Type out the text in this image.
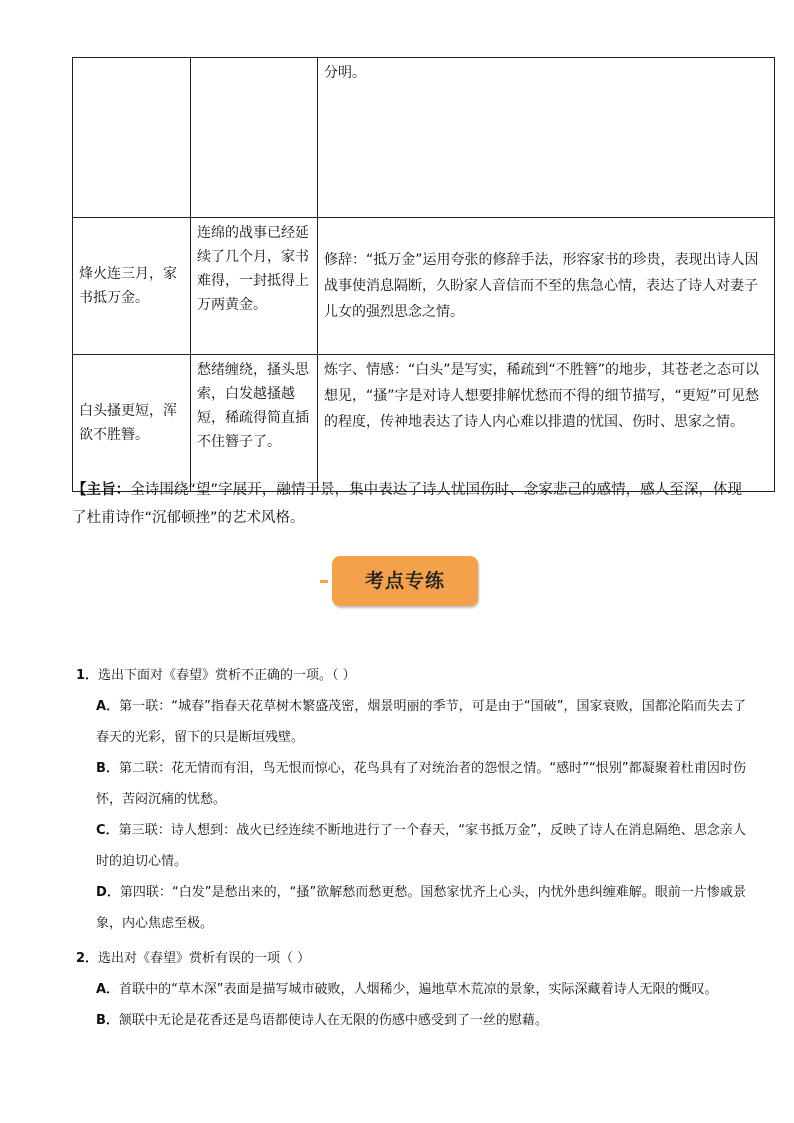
		分明。
烽火连三月，家书抵万金。	连绵的战事已经延续了几个月，家书难得，一封抵得上万两黄金。	修辞：“抵万金”运用夸张的修辞手法，形容家书的珍贵，表现出诗人因战事使消息隔断，久盼家人音信而不至的焦急心情，表达了诗人对妻子儿女的强烈思念之情。
白头搔更短，浑欲不胜簪。	愁绪缠绕，搔头思索，白发越搔越短，稀疏得简直插不住簪子了。	炼字、情感：“白头”是写实，稀疏到“不胜簪”的地步，其苍老之态可以想见，“搔”字是对诗人想要排解忧愁而不得的细节描写，“更短”可见愁的程度，传神地表达了诗人内心难以排遣的忧国、伤时、思家之情。
【主旨：全诗围绕“望”字展开，融情于景，集中表达了诗人忧国伤时、念家悲己的感情，感人至深，体现了杜甫诗作“沉郁顿挫”的艺术风格。
考点专练
1．选出下面对《春望》赏析不正确的一项。（ ）
A．第一联：“城春”指春天花草树木繁盛茂密，烟景明丽的季节，可是由于“国破”，国家衰败，国都沦陷而失去了春天的光彩，留下的只是断垣残壁。
B．第二联：花无情而有泪，鸟无恨而惊心，花鸟具有了对统治者的怨恨之情。“感时”“恨别”都凝聚着杜甫因时伤怀，苦闷沉痛的忧愁。
C．第三联：诗人想到：战火已经连续不断地进行了一个春天，“家书抵万金”，反映了诗人在消息隔绝、思念亲人时的迫切心情。
D．第四联：“白发”是愁出来的，“搔”欲解愁而愁更愁。国愁家忧齐上心头，内忧外患纠缠难解。眼前一片惨戚景象，内心焦虑至极。
2．选出对《春望》赏析有误的一项（ ）
A．首联中的“草木深”表面是描写城市破败，人烟稀少，遍地草木荒凉的景象，实际深藏着诗人无限的慨叹。
B．颔联中无论是花香还是鸟语都使诗人在无限的伤感中感受到了一丝的慰藉。
